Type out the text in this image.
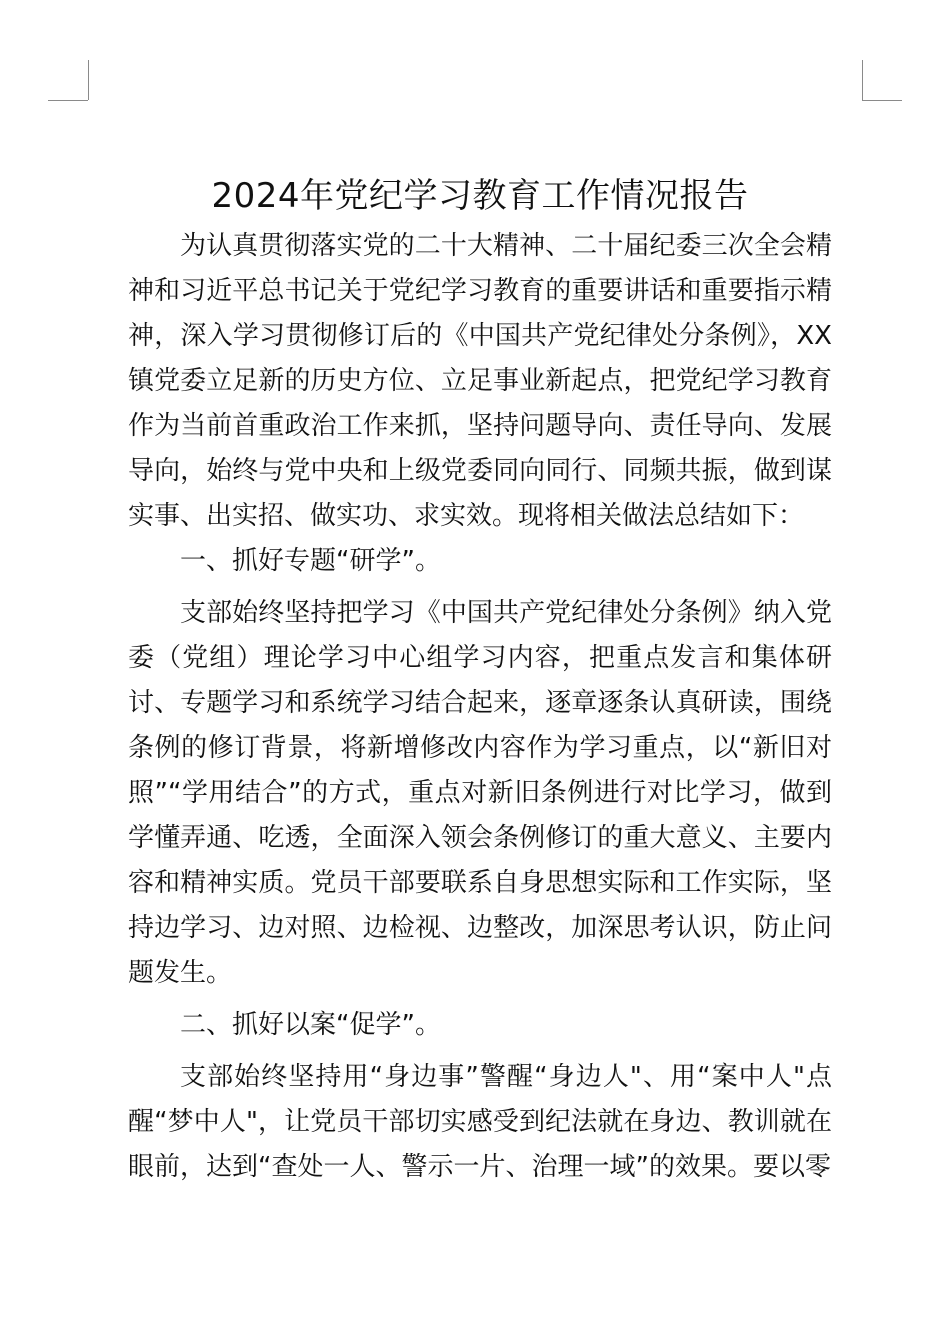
2024年党纪学习教育工作情况报告

为认真贯彻落实党的二十大精神、二十届纪委三次全会精神和习近平总书记关于党纪学习教育的重要讲话和重要指示精神，深入学习贯彻修订后的《中国共产党纪律处分条例》，XX镇党委立足新的历史方位、立足事业新起点，把党纪学习教育作为当前首重政治工作来抓，坚持问题导向、责任导向、发展导向，始终与党中央和上级党委同向同行、同频共振，做到谋实事、出实招、做实功、求实效。现将相关做法总结如下：

一、抓好专题“研学”。

支部始终坚持把学习《中国共产党纪律处分条例》纳入党委（党组）理论学习中心组学习内容，把重点发言和集体研讨、专题学习和系统学习结合起来，逐章逐条认真研读，围绕条例的修订背景，将新增修改内容作为学习重点，以“新旧对照”“学用结合”的方式，重点对新旧条例进行对比学习，做到学懂弄通、吃透，全面深入领会条例修订的重大意义、主要内容和精神实质。党员干部要联系自身思想实际和工作实际，坚持边学习、边对照、边检视、边整改，加深思考认识，防止问题发生。

二、抓好以案“促学”。

支部始终坚持用“身边事”警醒“身边人"、用“案中人"点醒“梦中人"，让党员干部切实感受到纪法就在身边、教训就在眼前，达到“查处一人、警示一片、治理一域”的效果。要以零
